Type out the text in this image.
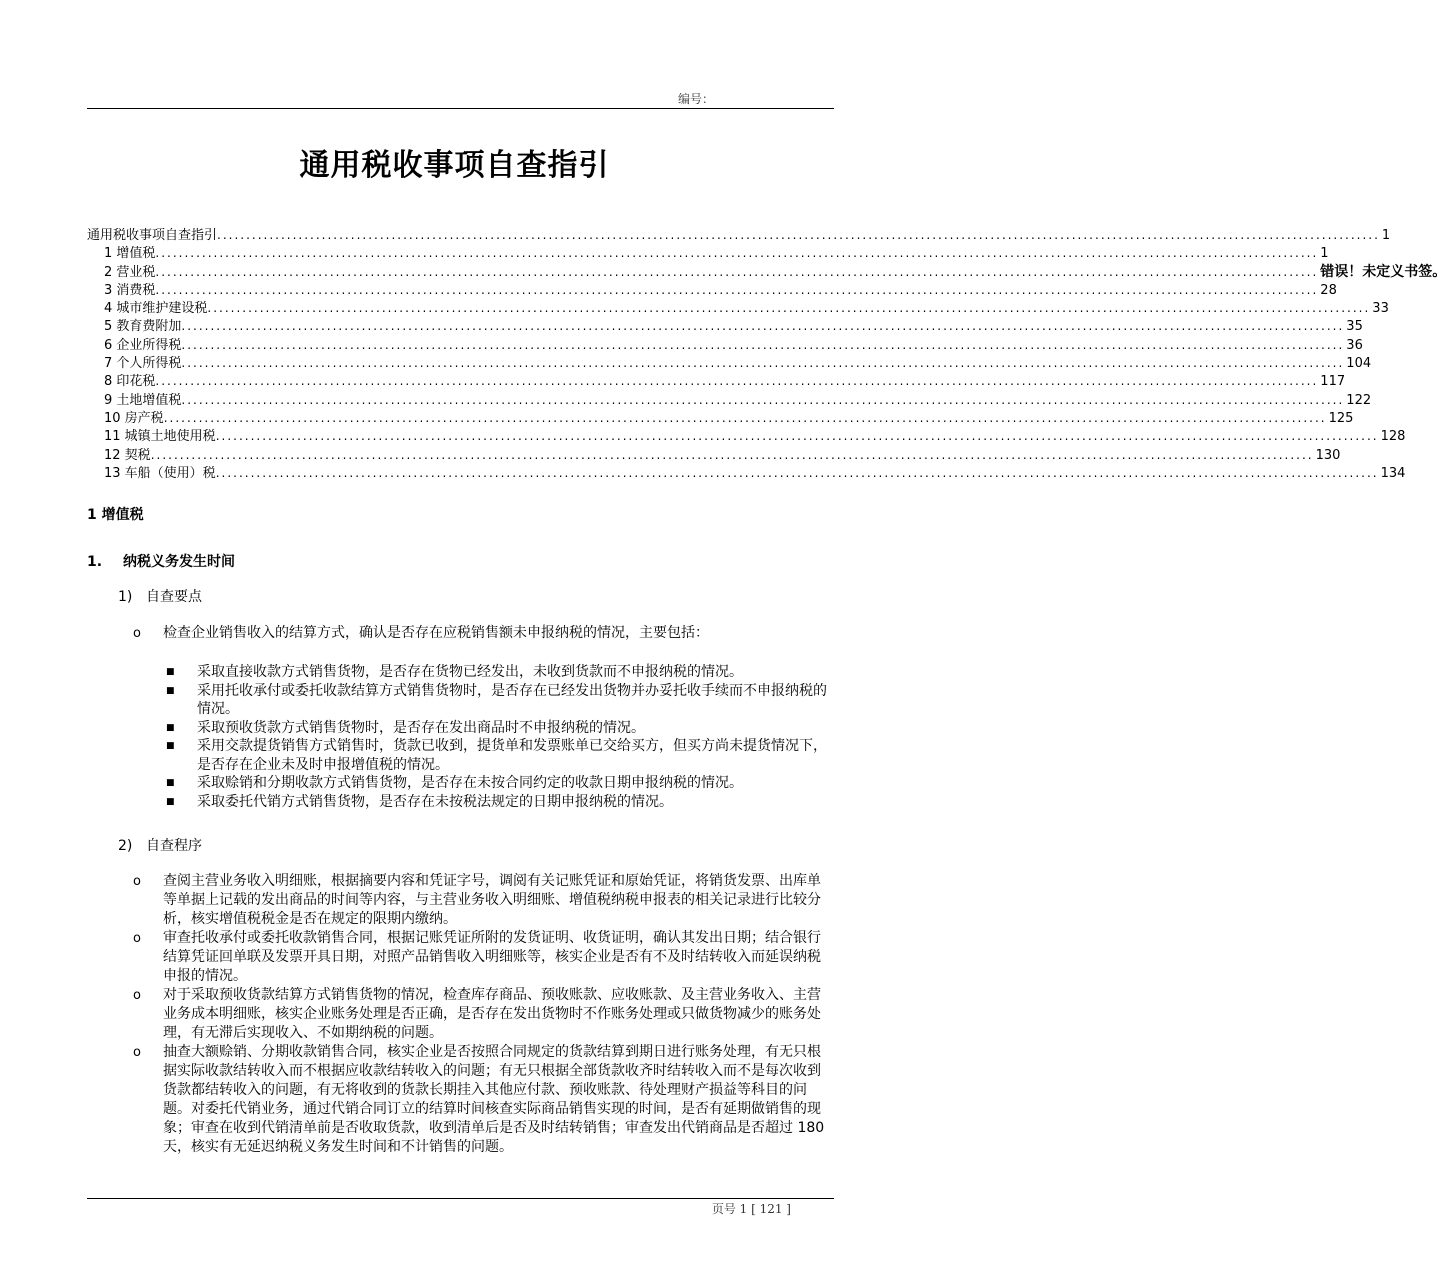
编号：
通用税收事项自查指引
通用税收事项自查指引 ........................................................................................................................................................................................................ 1
1 增值税 ........................................................................................................................................................................................................ 1
2 营业税 ........................................................................................................................................................................................................ 错误！未定义书签。
3 消费税 ........................................................................................................................................................................................................ 28
4 城市维护建设税 ........................................................................................................................................................................................................ 33
5 教育费附加 ........................................................................................................................................................................................................ 35
6 企业所得税 ........................................................................................................................................................................................................ 36
7 个人所得税 ........................................................................................................................................................................................................ 104
8 印花税 ........................................................................................................................................................................................................ 117
9 土地增值税 ........................................................................................................................................................................................................ 122
10 房产税 ........................................................................................................................................................................................................ 125
11 城镇土地使用税 ........................................................................................................................................................................................................ 128
12 契税 ........................................................................................................................................................................................................ 130
13 车船（使用）税 ........................................................................................................................................................................................................ 134
1 增值税
1. 纳税义务发生时间
1) 自查要点
o	检查企业销售收入的结算方式，确认是否存在应税销售额未申报纳税的情况，主要包括：
■	采取直接收款方式销售货物，是否存在货物已经发出，未收到货款而不申报纳税的情况。
■	采用托收承付或委托收款结算方式销售货物时，是否存在已经发出货物并办妥托收手续而不申报纳税的情况。
■	采取预收货款方式销售货物时，是否存在发出商品时不申报纳税的情况。
■	采用交款提货销售方式销售时，货款已收到，提货单和发票账单已交给买方，但买方尚未提货情况下，是否存在企业未及时申报增值税的情况。
■	采取赊销和分期收款方式销售货物，是否存在未按合同约定的收款日期申报纳税的情况。
■	采取委托代销方式销售货物，是否存在未按税法规定的日期申报纳税的情况。
2) 自查程序
o	查阅主营业务收入明细账，根据摘要内容和凭证字号，调阅有关记账凭证和原始凭证，将销货发票、出库单等单据上记载的发出商品的时间等内容，与主营业务收入明细账、增值税纳税申报表的相关记录进行比较分析，核实增值税税金是否在规定的限期内缴纳。
o	审查托收承付或委托收款销售合同，根据记账凭证所附的发货证明、收货证明，确认其发出日期；结合银行结算凭证回单联及发票开具日期，对照产品销售收入明细账等，核实企业是否有不及时结转收入而延误纳税申报的情况。
o	对于采取预收货款结算方式销售货物的情况，检查库存商品、预收账款、应收账款、及主营业务收入、主营业务成本明细账，核实企业账务处理是否正确，是否存在发出货物时不作账务处理或只做货物减少的账务处理，有无滞后实现收入、不如期纳税的问题。
o	抽查大额赊销、分期收款销售合同，核实企业是否按照合同规定的货款结算到期日进行账务处理，有无只根据实际收款结转收入而不根据应收款结转收入的问题；有无只根据全部货款收齐时结转收入而不是每次收到货款都结转收入的问题，有无将收到的货款长期挂入其他应付款、预收账款、待处理财产损益等科目的问题。对委托代销业务，通过代销合同订立的结算时间核查实际商品销售实现的时间，是否有延期做销售的现象；审查在收到代销清单前是否收取货款，收到清单后是否及时结转销售；审查发出代销商品是否超过 180 天，核实有无延迟纳税义务发生时间和不计销售的问题。
页号 1 [ 121 ]
